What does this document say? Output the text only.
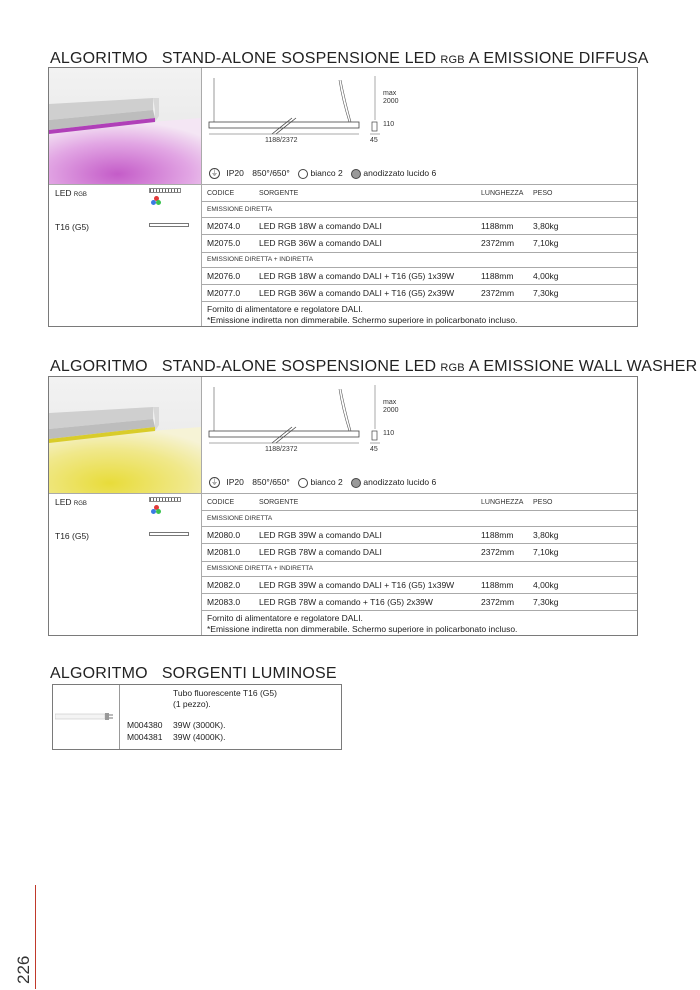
ALGORITMO STAND-ALONE SOSPENSIONE LED RGB A EMISSIONE DIFFUSA
max
2000
110
1188/2372	45
⏚ IP20 850°/650° bianco 2 anodizzato lucido 6
LED RGB
T16 (G5)
CODICE	SORGENTE	LUNGHEZZA PESO
EMISSIONE DIRETTA
M2074.0 LED RGB 18W a comando DALI	1188mm 3,80kg
M2075.0 LED RGB 36W a comando DALI	2372mm 7,10kg
EMISSIONE DIRETTA + INDIRETTA
M2076.0 LED RGB 18W a comando DALI + T16 (G5) 1x39W	1188mm 4,00kg
M2077.0 LED RGB 36W a comando DALI + T16 (G5) 2x39W	2372mm 7,30kg
Fornito di alimentatore e regolatore DALI.
*Emissione indiretta non dimmerabile. Schermo superiore in policarbonato incluso.
ALGORITMO STAND-ALONE SOSPENSIONE LED RGB A EMISSIONE WALL WASHER
max
2000
110
1188/2372	45
⏚ IP20 850°/650° bianco 2 anodizzato lucido 6
LED RGB
T16 (G5)
CODICE	SORGENTE	LUNGHEZZA PESO
EMISSIONE DIRETTA
M2080.0 LED RGB 39W a comando DALI	1188mm 3,80kg
M2081.0 LED RGB 78W a comando DALI	2372mm 7,10kg
EMISSIONE DIRETTA + INDIRETTA
M2082.0 LED RGB 39W a comando DALI + T16 (G5) 1x39W	1188mm 4,00kg
M2083.0 LED RGB 78W a comando + T16 (G5) 2x39W	2372mm 7,30kg
Fornito di alimentatore e regolatore DALI.
*Emissione indiretta non dimmerabile. Schermo superiore in policarbonato incluso.
ALGORITMO SORGENTI LUMINOSE
Tubo fluorescente T16 (G5)
(1 pezzo).
M004380 39W (3000K).
M004381 39W (4000K).
226
